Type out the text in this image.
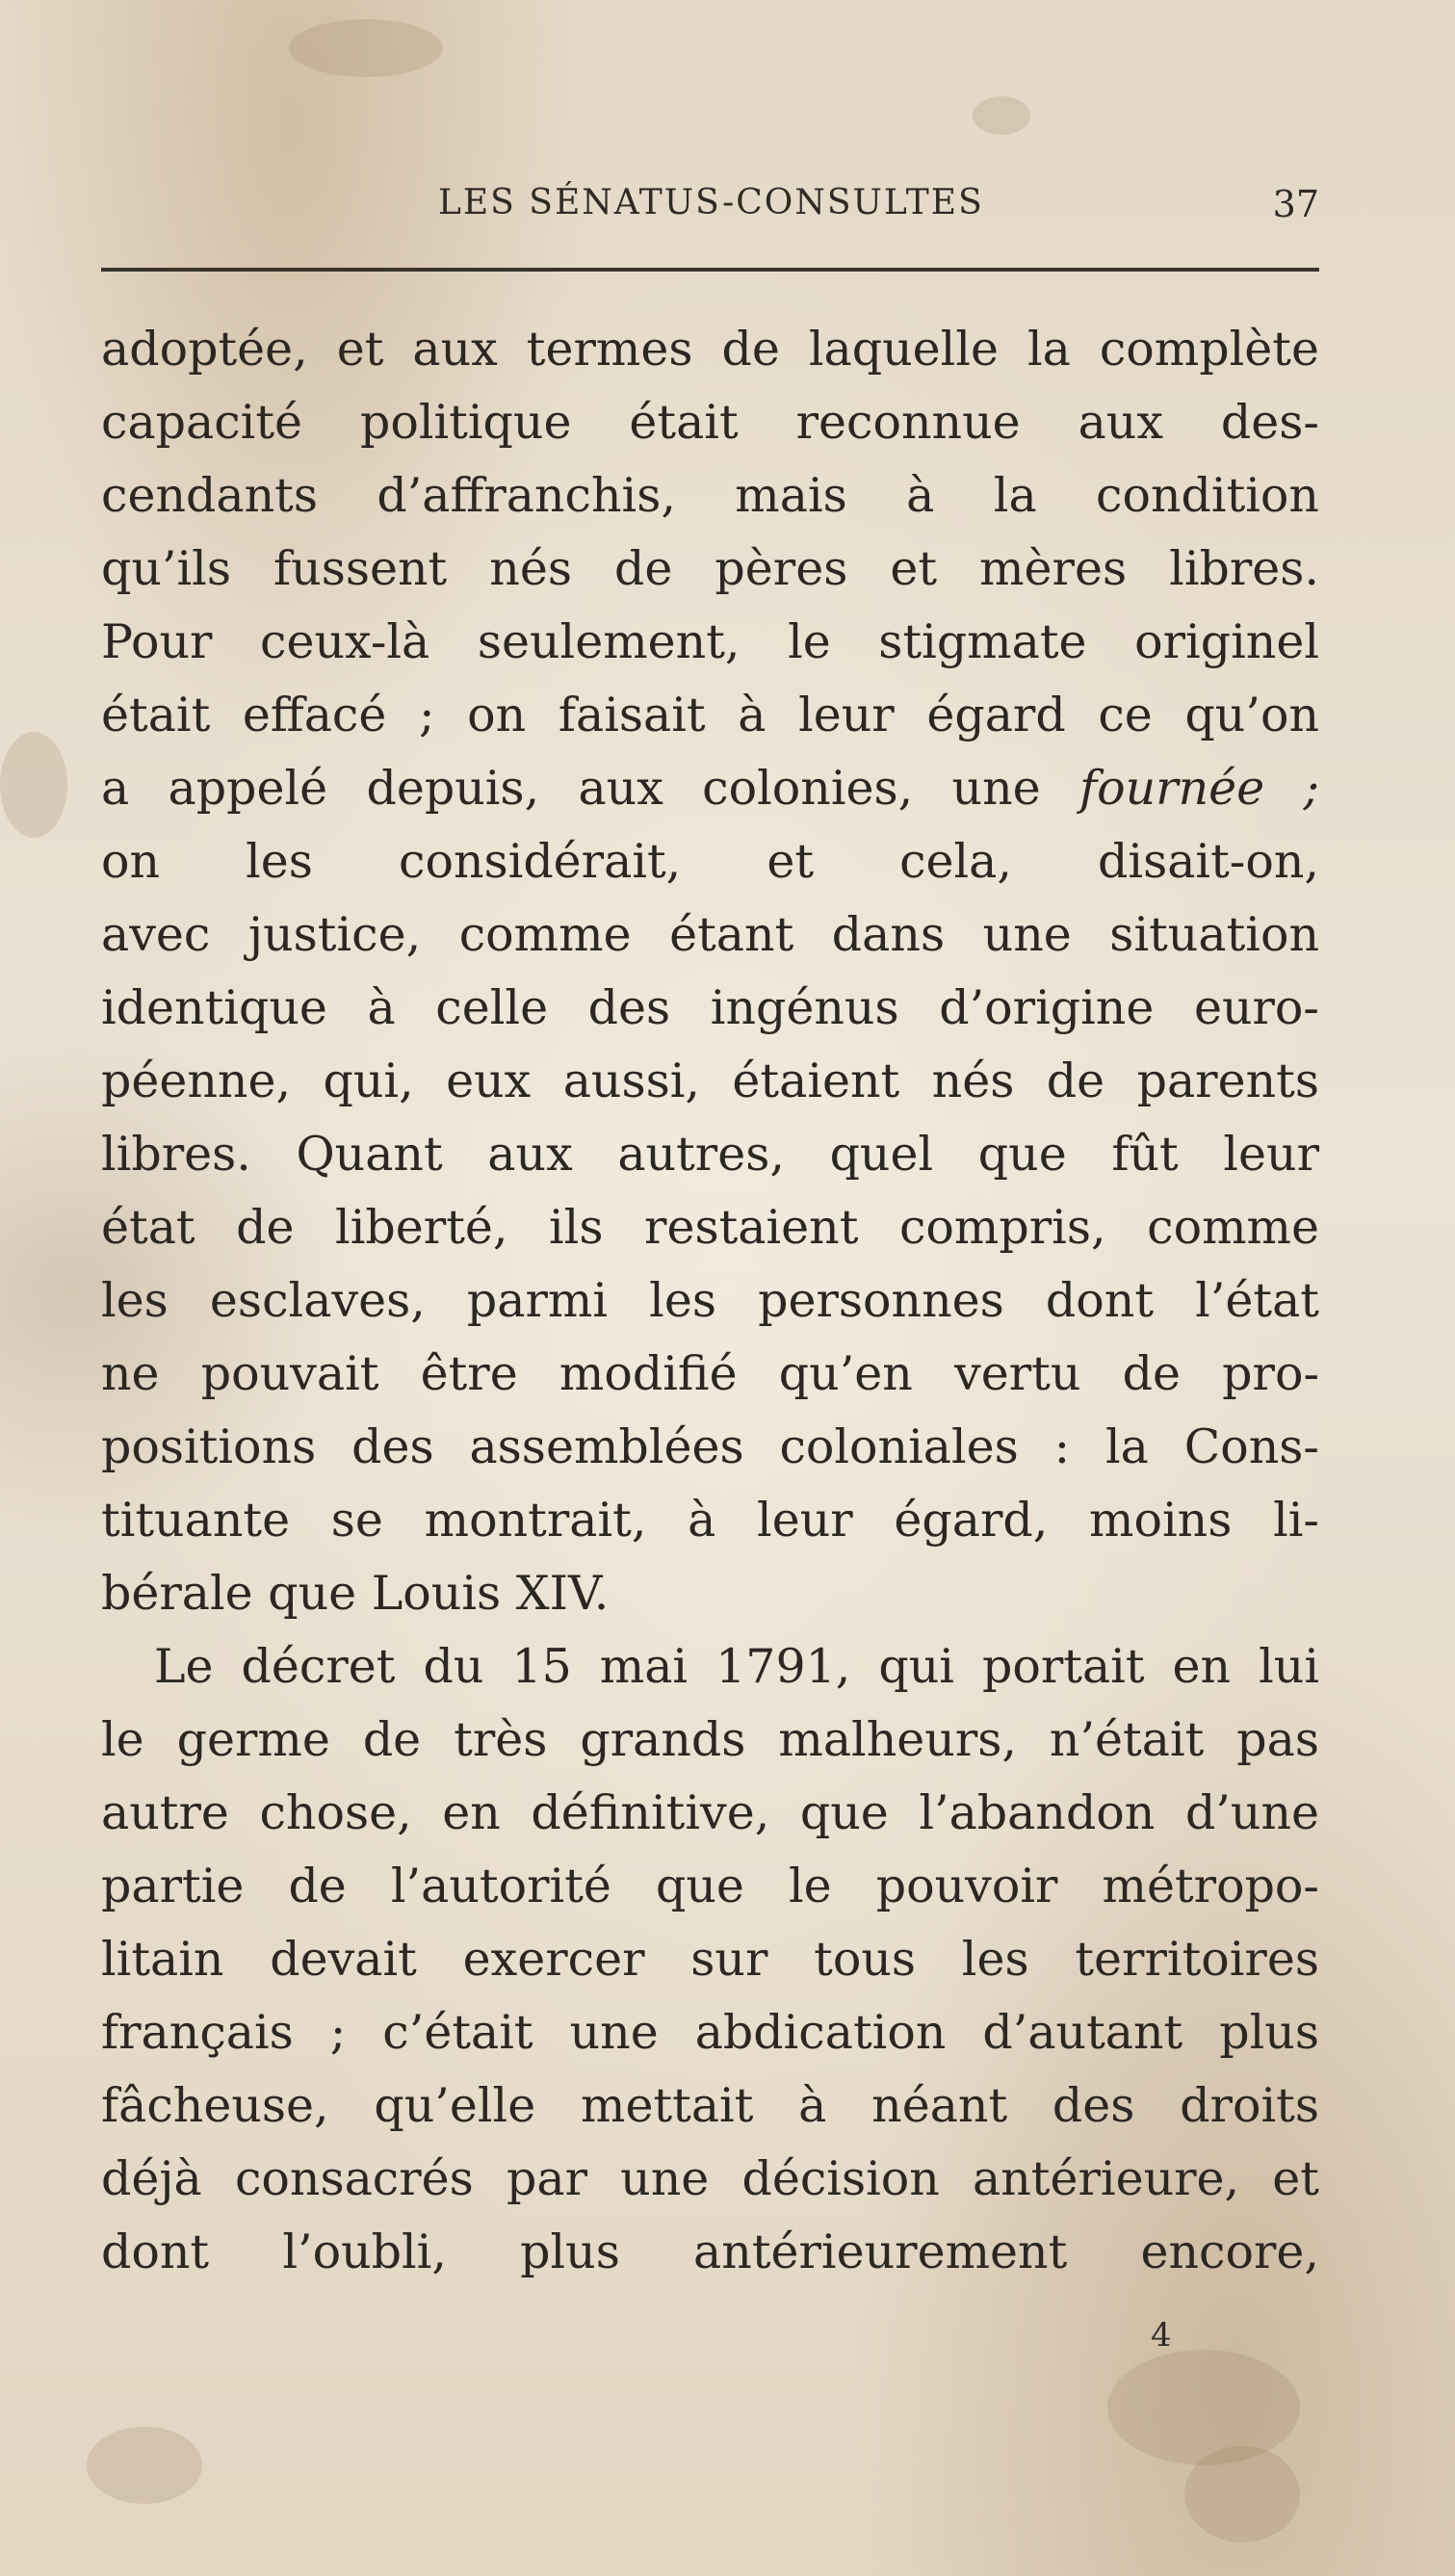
LES SÉNATUS-CONSULTES	37
adoptée, et aux termes de laquelle la complète
capacité politique était reconnue aux des-
cendants d’affranchis, mais à la condition
qu’ils fussent nés de pères et mères libres.
Pour ceux-là seulement, le stigmate originel
était effacé ; on faisait à leur égard ce qu’on
a appelé depuis, aux colonies, une fournée ;
on les considérait, et cela, disait-on,
avec justice, comme étant dans une situation
identique à celle des ingénus d’origine euro-
péenne, qui, eux aussi, étaient nés de parents
libres. Quant aux autres, quel que fût leur
état de liberté, ils restaient compris, comme
les esclaves, parmi les personnes dont l’état
ne pouvait être modifié qu’en vertu de pro-
positions des assemblées coloniales : la Cons-
tituante se montrait, à leur égard, moins li-
bérale que Louis XIV.
Le décret du 15 mai 1791, qui portait en lui
le germe de très grands malheurs, n’était pas
autre chose, en définitive, que l’abandon d’une
partie de l’autorité que le pouvoir métropo-
litain devait exercer sur tous les territoires
français ; c’était une abdication d’autant plus
fâcheuse, qu’elle mettait à néant des droits
déjà consacrés par une décision antérieure, et
dont l’oubli, plus antérieurement encore,
4
